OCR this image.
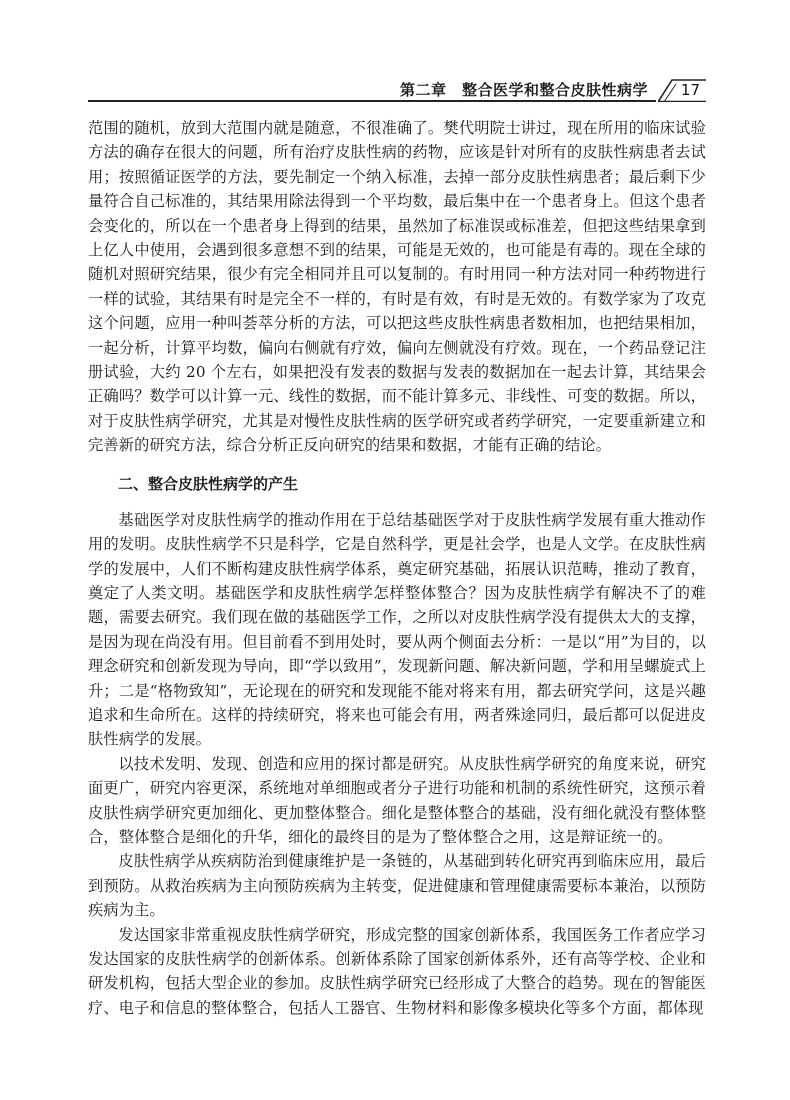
第二章　整合医学和整合皮肤性病学 17

范围的随机，放到大范围内就是随意，不很准确了。樊代明院士讲过，现在所用的临床试验方法的确存在很大的问题，所有治疗皮肤性病的药物，应该是针对所有的皮肤性病患者去试用；按照循证医学的方法，要先制定一个纳入标准，去掉一部分皮肤性病患者；最后剩下少量符合自己标准的，其结果用除法得到一个平均数，最后集中在一个患者身上。但这个患者会变化的，所以在一个患者身上得到的结果，虽然加了标准误或标准差，但把这些结果拿到上亿人中使用，会遇到很多意想不到的结果，可能是无效的，也可能是有毒的。现在全球的随机对照研究结果，很少有完全相同并且可以复制的。有时用同一种方法对同一种药物进行一样的试验，其结果有时是完全不一样的，有时是有效，有时是无效的。有数学家为了攻克这个问题，应用一种叫荟萃分析的方法，可以把这些皮肤性病患者数相加，也把结果相加，一起分析，计算平均数，偏向右侧就有疗效，偏向左侧就没有疗效。现在，一个药品登记注册试验，大约 20 个左右，如果把没有发表的数据与发表的数据加在一起去计算，其结果会正确吗？数学可以计算一元、线性的数据，而不能计算多元、非线性、可变的数据。所以，对于皮肤性病学研究，尤其是对慢性皮肤性病的医学研究或者药学研究，一定要重新建立和完善新的研究方法，综合分析正反向研究的结果和数据，才能有正确的结论。

二、整合皮肤性病学的产生

基础医学对皮肤性病学的推动作用在于总结基础医学对于皮肤性病学发展有重大推动作用的发明。皮肤性病学不只是科学，它是自然科学，更是社会学，也是人文学。在皮肤性病学的发展中，人们不断构建皮肤性病学体系，奠定研究基础，拓展认识范畴，推动了教育，奠定了人类文明。基础医学和皮肤性病学怎样整体整合？因为皮肤性病学有解决不了的难题，需要去研究。我们现在做的基础医学工作，之所以对皮肤性病学没有提供太大的支撑，是因为现在尚没有用。但目前看不到用处时，要从两个侧面去分析：一是以“用”为目的，以理念研究和创新发现为导向，即“学以致用”，发现新问题、解决新问题，学和用呈螺旋式上升；二是“格物致知”，无论现在的研究和发现能不能对将来有用，都去研究学问，这是兴趣追求和生命所在。这样的持续研究，将来也可能会有用，两者殊途同归，最后都可以促进皮肤性病学的发展。

以技术发明、发现、创造和应用的探讨都是研究。从皮肤性病学研究的角度来说，研究面更广，研究内容更深，系统地对单细胞或者分子进行功能和机制的系统性研究，这预示着皮肤性病学研究更加细化、更加整体整合。细化是整体整合的基础，没有细化就没有整体整合，整体整合是细化的升华，细化的最终目的是为了整体整合之用，这是辩证统一的。

皮肤性病学从疾病防治到健康维护是一条链的，从基础到转化研究再到临床应用，最后到预防。从救治疾病为主向预防疾病为主转变，促进健康和管理健康需要标本兼治，以预防疾病为主。

发达国家非常重视皮肤性病学研究，形成完整的国家创新体系，我国医务工作者应学习发达国家的皮肤性病学的创新体系。创新体系除了国家创新体系外，还有高等学校、企业和研发机构，包括大型企业的参加。皮肤性病学研究已经形成了大整合的趋势。现在的智能医疗、电子和信息的整体整合，包括人工器官、生物材料和影像多模块化等多个方面，都体现
